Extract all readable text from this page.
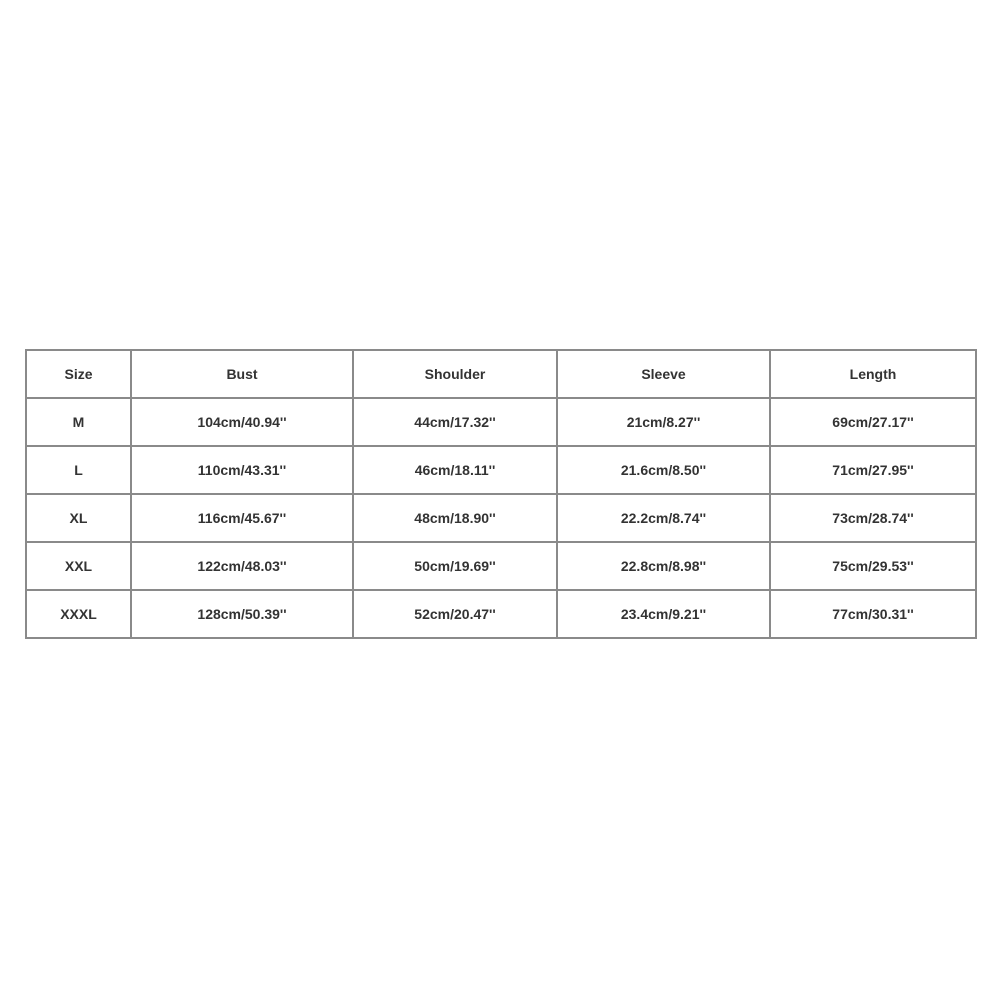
Size	Bust	Shoulder	Sleeve	Length
M	104cm/40.94''	44cm/17.32''	21cm/8.27''	69cm/27.17''
L	110cm/43.31''	46cm/18.11''	21.6cm/8.50''	71cm/27.95''
XL	116cm/45.67''	48cm/18.90''	22.2cm/8.74''	73cm/28.74''
XXL	122cm/48.03''	50cm/19.69''	22.8cm/8.98''	75cm/29.53''
XXXL	128cm/50.39''	52cm/20.47''	23.4cm/9.21''	77cm/30.31''
